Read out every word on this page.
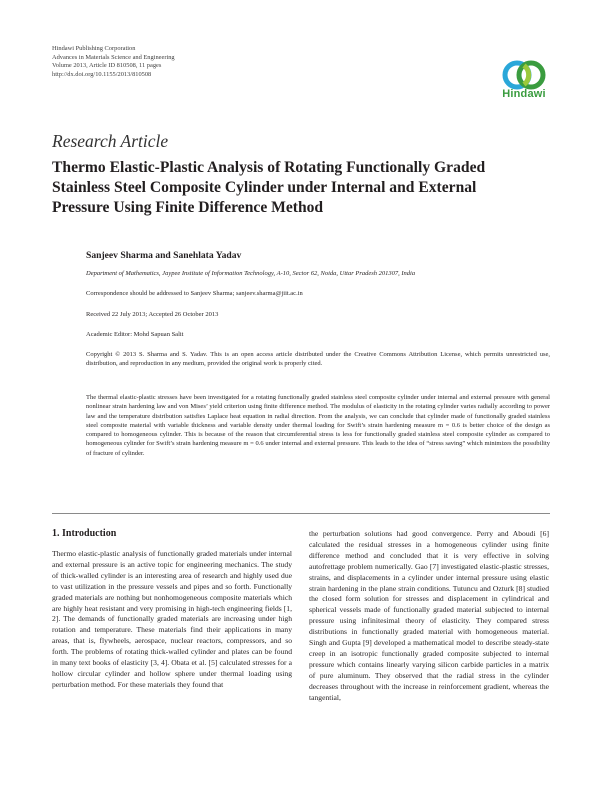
Hindawi Publishing Corporation
Advances in Materials Science and Engineering
Volume 2013, Article ID 810508, 11 pages
http://dx.doi.org/10.1155/2013/810508
Hindawi
Research Article
Thermo Elastic-Plastic Analysis of Rotating Functionally Graded Stainless Steel Composite Cylinder under Internal and External Pressure Using Finite Difference Method
Sanjeev Sharma and Sanehlata Yadav
Department of Mathematics, Jaypee Institute of Information Technology, A-10, Sector 62, Noida, Uttar Pradesh 201307, India
Correspondence should be addressed to Sanjeev Sharma; sanjeev.sharma@jiit.ac.in
Received 22 July 2013; Accepted 26 October 2013
Academic Editor: Mohd Sapuan Salit
Copyright © 2013 S. Sharma and S. Yadav. This is an open access article distributed under the Creative Commons Attribution License, which permits unrestricted use, distribution, and reproduction in any medium, provided the original work is properly cited.
The thermal elastic-plastic stresses have been investigated for a rotating functionally graded stainless steel composite cylinder under internal and external pressure with general nonlinear strain hardening law and von Mises’ yield criterion using finite difference method. The modulus of elasticity in the rotating cylinder varies radially according to power law and the temperature distribution satisfies Laplace heat equation in radial direction. From the analysis, we can conclude that cylinder made of functionally graded stainless steel composite material with variable thickness and variable density under thermal loading for Swift’s strain hardening measure m = 0.6 is better choice of the design as compared to homogeneous cylinder. This is because of the reason that circumferential stress is less for functionally graded stainless steel composite cylinder as compared to homogeneous cylinder for Swift’s strain hardening measure m = 0.6 under internal and external pressure. This leads to the idea of “stress saving” which minimizes the possibility of fracture of cylinder.
1. Introduction
Thermo elastic-plastic analysis of functionally graded materials under internal and external pressure is an active topic for engineering mechanics. The study of thick-walled cylinder is an interesting area of research and highly used due to vast utilization in the pressure vessels and pipes and so forth. Functionally graded materials are nothing but nonhomogeneous composite materials which are highly heat resistant and very promising in high-tech engineering fields [1, 2]. The demands of functionally graded materials are increasing under high rotation and temperature. These materials find their applications in many areas, that is, flywheels, aerospace, nuclear reactors, compressors, and so forth. The problems of rotating thick-walled cylinder and plates can be found in many text books of elasticity [3, 4]. Obata et al. [5] calculated stresses for a hollow circular cylinder and hollow sphere under thermal loading using perturbation method. For these materials they found that
the perturbation solutions had good convergence. Perry and Aboudi [6] calculated the residual stresses in a homogeneous cylinder using finite difference method and concluded that it is very effective in solving autofrettage problem numerically. Gao [7] investigated elastic-plastic stresses, strains, and displacements in a cylinder under internal pressure using elastic strain hardening in the plane strain conditions. Tutuncu and Ozturk [8] studied the closed form solution for stresses and displacement in cylindrical and spherical vessels made of functionally graded material subjected to internal pressure using infinitesimal theory of elasticity. They compared stress distributions in functionally graded material with homogeneous material. Singh and Gupta [9] developed a mathematical model to describe steady-state creep in an isotropic functionally graded composite subjected to internal pressure which contains linearly varying silicon carbide particles in a matrix of pure aluminum. They observed that the radial stress in the cylinder decreases throughout with the increase in reinforcement gradient, whereas the tangential,
